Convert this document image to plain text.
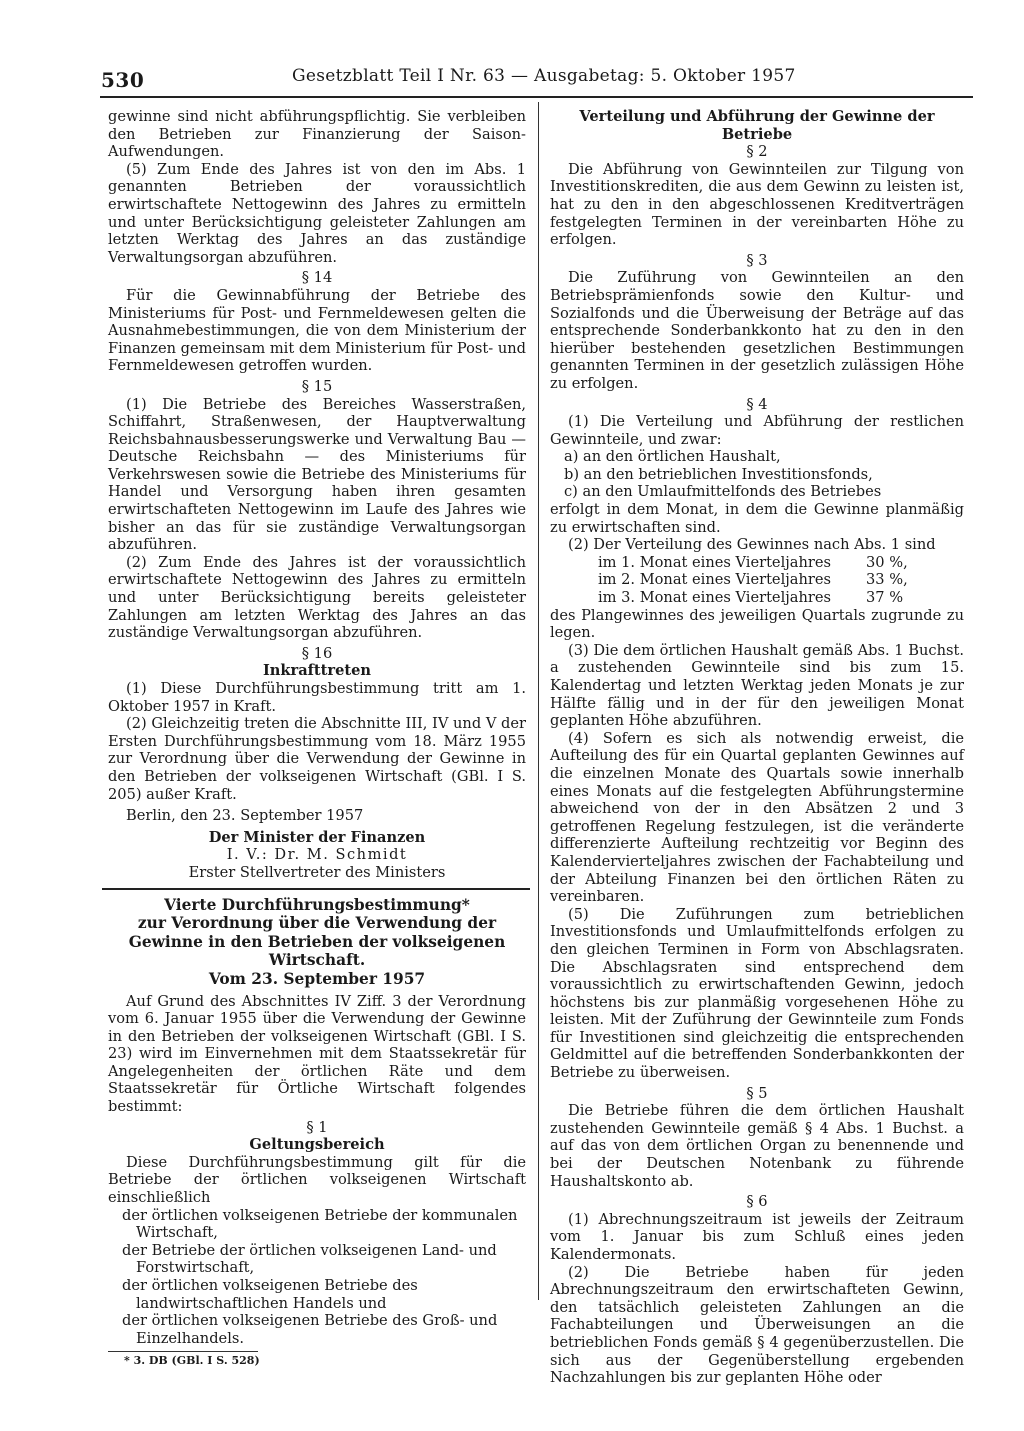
530	Gesetzblatt Teil I Nr. 63 — Ausgabetag: 5. Oktober 1957

gewinne sind nicht abführungspflichtig. Sie verbleiben den Betrieben zur Finanzierung der Saison-Aufwendungen.

(5) Zum Ende des Jahres ist von den im Abs. 1 genannten Betrieben der voraussichtlich erwirtschaftete Nettogewinn des Jahres zu ermitteln und unter Berücksichtigung geleisteter Zahlungen am letzten Werktag des Jahres an das zuständige Verwaltungsorgan abzuführen.

§ 14

Für die Gewinnabführung der Betriebe des Ministeriums für Post- und Fernmeldewesen gelten die Ausnahmebestimmungen, die von dem Ministerium der Finanzen gemeinsam mit dem Ministerium für Post- und Fernmeldewesen getroffen wurden.

§ 15

(1) Die Betriebe des Bereiches Wasserstraßen, Schiffahrt, Straßenwesen, der Hauptverwaltung Reichsbahnausbesserungswerke und Verwaltung Bau — Deutsche Reichsbahn — des Ministeriums für Verkehrswesen sowie die Betriebe des Ministeriums für Handel und Versorgung haben ihren gesamten erwirtschafteten Nettogewinn im Laufe des Jahres wie bisher an das für sie zuständige Verwaltungsorgan abzuführen.

(2) Zum Ende des Jahres ist der voraussichtlich erwirtschaftete Nettogewinn des Jahres zu ermitteln und unter Berücksichtigung bereits geleisteter Zahlungen am letzten Werktag des Jahres an das zuständige Verwaltungsorgan abzuführen.

§ 16

Inkrafttreten

(1) Diese Durchführungsbestimmung tritt am 1. Oktober 1957 in Kraft.

(2) Gleichzeitig treten die Abschnitte III, IV und V der Ersten Durchführungsbestimmung vom 18. März 1955 zur Verordnung über die Verwendung der Gewinne in den Betrieben der volkseigenen Wirtschaft (GBl. I S. 205) außer Kraft.

Berlin, den 23. September 1957

Der Minister der Finanzen

I. V.: Dr. M. Schmidt

Erster Stellvertreter des Ministers

Vierte Durchführungsbestimmung*

zur Verordnung über die Verwendung der Gewinne in den Betrieben der volkseigenen Wirtschaft.

Vom 23. September 1957

Auf Grund des Abschnittes IV Ziff. 3 der Verordnung vom 6. Januar 1955 über die Verwendung der Gewinne in den Betrieben der volkseigenen Wirtschaft (GBl. I S. 23) wird im Einvernehmen mit dem Staatssekretär für Angelegenheiten der örtlichen Räte und dem Staatssekretär für Örtliche Wirtschaft folgendes bestimmt:

§ 1

Geltungsbereich

Diese Durchführungsbestimmung gilt für die Betriebe der örtlichen volkseigenen Wirtschaft einschließlich

der örtlichen volkseigenen Betriebe der kommunalen Wirtschaft,
der Betriebe der örtlichen volkseigenen Land- und Forstwirtschaft,
der örtlichen volkseigenen Betriebe des landwirtschaftlichen Handels und
der örtlichen volkseigenen Betriebe des Groß- und Einzelhandels.

* 3. DB (GBl. I S. 528)

Verteilung und Abführung der Gewinne der Betriebe

§ 2

Die Abführung von Gewinnteilen zur Tilgung von Investitionskrediten, die aus dem Gewinn zu leisten ist, hat zu den in den abgeschlossenen Kreditverträgen festgelegten Terminen in der vereinbarten Höhe zu erfolgen.

§ 3

Die Zuführung von Gewinnteilen an den Betriebsprämienfonds sowie den Kultur- und Sozialfonds und die Überweisung der Beträge auf das entsprechende Sonderbankkonto hat zu den in den hierüber bestehenden gesetzlichen Bestimmungen genannten Terminen in der gesetzlich zulässigen Höhe zu erfolgen.

§ 4

(1) Die Verteilung und Abführung der restlichen Gewinnteile, und zwar:

a) an den örtlichen Haushalt,
b) an den betrieblichen Investitionsfonds,
c) an den Umlaufmittelfonds des Betriebes

erfolgt in dem Monat, in dem die Gewinne planmäßig zu erwirtschaften sind.

(2) Der Verteilung des Gewinnes nach Abs. 1 sind

im 1. Monat eines Vierteljahres	30 %,
im 2. Monat eines Vierteljahres	33 %,
im 3. Monat eines Vierteljahres	37 %

des Plangewinnes des jeweiligen Quartals zugrunde zu legen.

(3) Die dem örtlichen Haushalt gemäß Abs. 1 Buchst. a zustehenden Gewinnteile sind bis zum 15. Kalendertag und letzten Werktag jeden Monats je zur Hälfte fällig und in der für den jeweiligen Monat geplanten Höhe abzuführen.

(4) Sofern es sich als notwendig erweist, die Aufteilung des für ein Quartal geplanten Gewinnes auf die einzelnen Monate des Quartals sowie innerhalb eines Monats auf die festgelegten Abführungstermine abweichend von der in den Absätzen 2 und 3 getroffenen Regelung festzulegen, ist die veränderte differenzierte Aufteilung rechtzeitig vor Beginn des Kalendervierteljahres zwischen der Fachabteilung und der Abteilung Finanzen bei den örtlichen Räten zu vereinbaren.

(5) Die Zuführungen zum betrieblichen Investitionsfonds und Umlaufmittelfonds erfolgen zu den gleichen Terminen in Form von Abschlagsraten. Die Abschlagsraten sind entsprechend dem voraussichtlich zu erwirtschaftenden Gewinn, jedoch höchstens bis zur planmäßig vorgesehenen Höhe zu leisten. Mit der Zuführung der Gewinnteile zum Fonds für Investitionen sind gleichzeitig die entsprechenden Geldmittel auf die betreffenden Sonderbankkonten der Betriebe zu überweisen.

§ 5

Die Betriebe führen die dem örtlichen Haushalt zustehenden Gewinnteile gemäß § 4 Abs. 1 Buchst. a auf das von dem örtlichen Organ zu benennende und bei der Deutschen Notenbank zu führende Haushaltskonto ab.

§ 6

(1) Abrechnungszeitraum ist jeweils der Zeitraum vom 1. Januar bis zum Schluß eines jeden Kalendermonats.

(2) Die Betriebe haben für jeden Abrechnungszeitraum den erwirtschafteten Gewinn, den tatsächlich geleisteten Zahlungen an die Fachabteilungen und Überweisungen an die betrieblichen Fonds gemäß § 4 gegenüberzustellen. Die sich aus der Gegenüberstellung ergebenden Nachzahlungen bis zur geplanten Höhe oder
